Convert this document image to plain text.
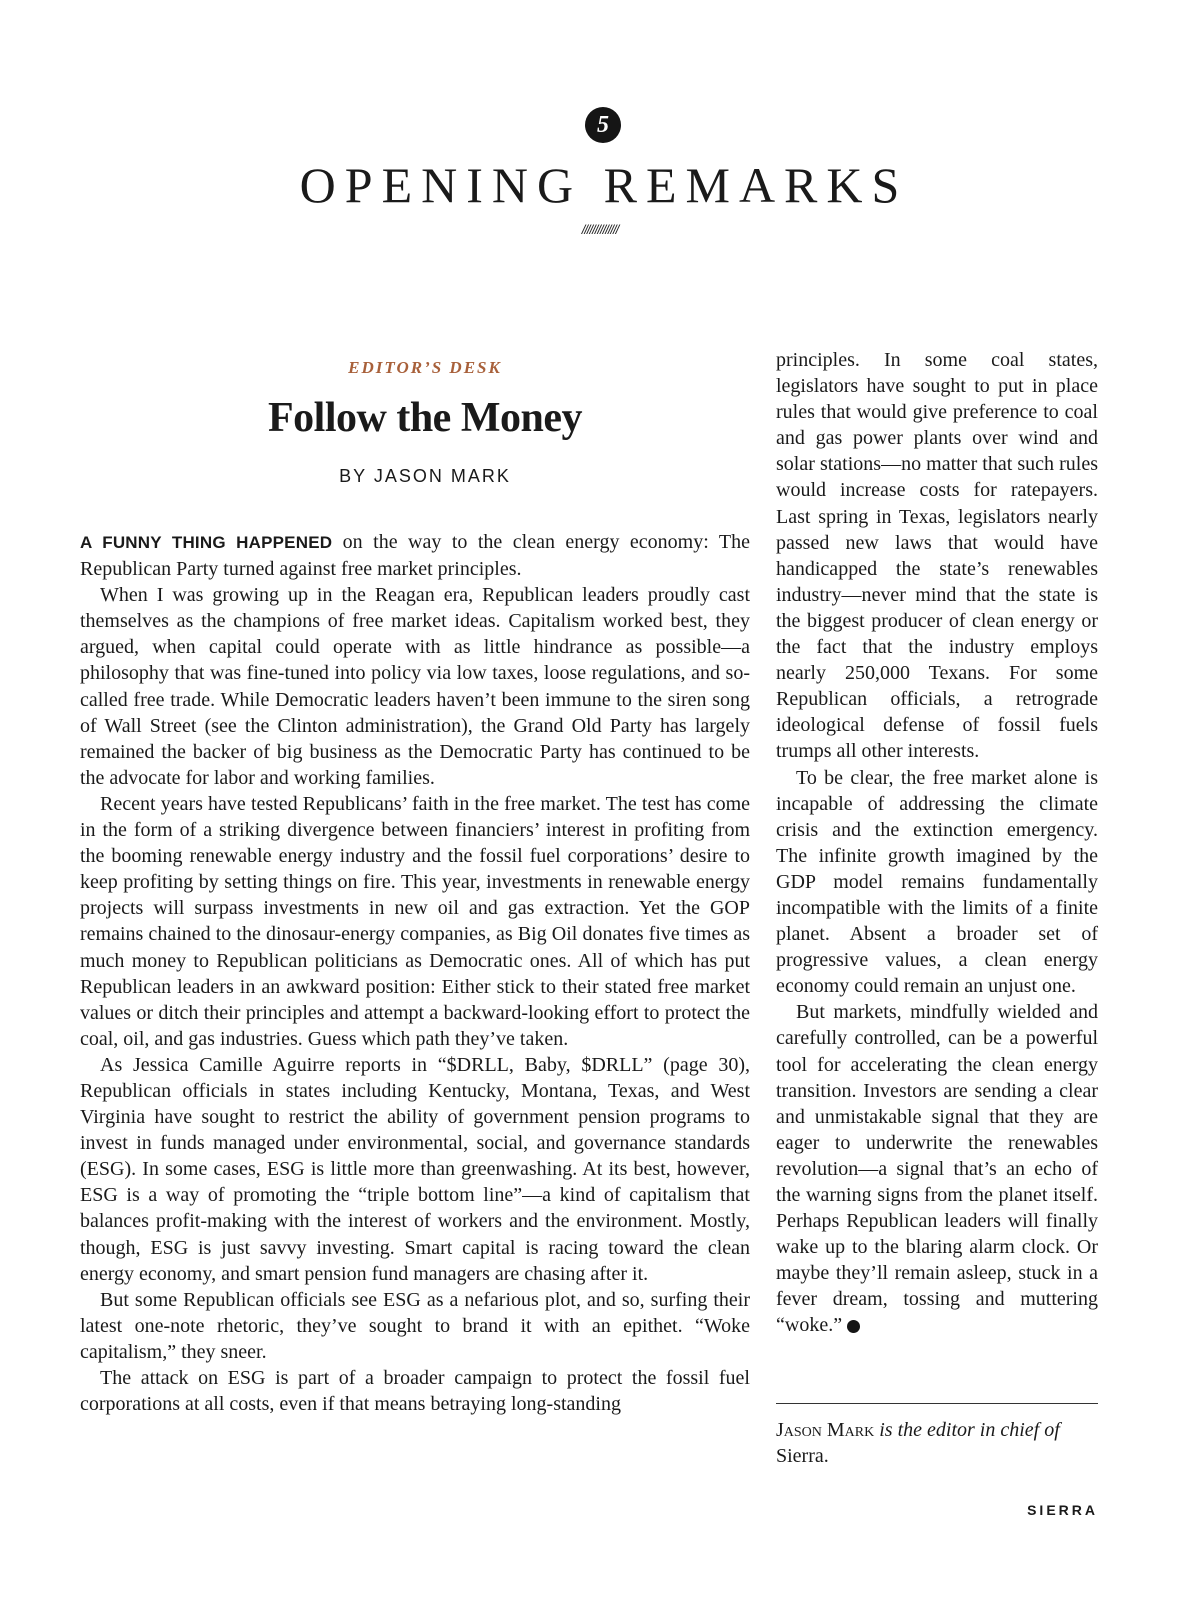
5
OPENING REMARKS
//////////////
EDITOR’S DESK
Follow the Money
BY JASON MARK

A FUNNY THING HAPPENED on the way to the clean energy economy: The Republican Party turned against free market principles.

When I was growing up in the Reagan era, Republican leaders proudly cast themselves as the champions of free market ideas. Capitalism worked best, they argued, when capital could operate with as little hindrance as possible—a philosophy that was fine-tuned into policy via low taxes, loose regulations, and so-called free trade. While Democratic leaders haven’t been immune to the siren song of Wall Street (see the Clinton administration), the Grand Old Party has largely remained the backer of big business as the Democratic Party has continued to be the advocate for labor and working families.

Recent years have tested Republicans’ faith in the free market. The test has come in the form of a striking divergence between financiers’ interest in profiting from the booming renewable energy industry and the fossil fuel corporations’ desire to keep profiting by setting things on fire. This year, investments in renewable energy projects will surpass investments in new oil and gas extraction. Yet the GOP remains chained to the dinosaur-energy companies, as Big Oil donates five times as much money to Republican politicians as Democratic ones. All of which has put Republican leaders in an awkward position: Either stick to their stated free market values or ditch their principles and attempt a backward-looking effort to protect the coal, oil, and gas industries. Guess which path they’ve taken.

As Jessica Camille Aguirre reports in “$DRLL, Baby, $DRLL” (page 30), Republican officials in states including Kentucky, Montana, Texas, and West Virginia have sought to restrict the ability of government pension programs to invest in funds managed under environmental, social, and governance standards (ESG). In some cases, ESG is little more than greenwashing. At its best, however, ESG is a way of promoting the “triple bottom line”—a kind of capitalism that balances profit-making with the interest of workers and the environment. Mostly, though, ESG is just savvy investing. Smart capital is racing toward the clean energy economy, and smart pension fund managers are chasing after it.

But some Republican officials see ESG as a nefarious plot, and so, surfing their latest one-note rhetoric, they’ve sought to brand it with an epithet. “Woke capitalism,” they sneer.

The attack on ESG is part of a broader campaign to protect the fossil fuel corporations at all costs, even if that means betraying long-standing

principles. In some coal states, legislators have sought to put in place rules that would give preference to coal and gas power plants over wind and solar stations—no matter that such rules would increase costs for ratepayers. Last spring in Texas, legislators nearly passed new laws that would have handicapped the state’s renewables industry—never mind that the state is the biggest producer of clean energy or the fact that the industry employs nearly 250,000 Texans. For some Republican officials, a retrograde ideological defense of fossil fuels trumps all other interests.

To be clear, the free market alone is incapable of addressing the climate crisis and the extinction emergency. The infinite growth imagined by the GDP model remains fundamentally incompatible with the limits of a finite planet. Absent a broader set of progressive values, a clean energy economy could remain an unjust one.

But markets, mindfully wielded and carefully controlled, can be a powerful tool for accelerating the clean energy transition. Investors are sending a clear and unmistakable signal that they are eager to underwrite the renewables revolution—a signal that’s an echo of the warning signs from the planet itself. Perhaps Republican leaders will finally wake up to the blaring alarm clock. Or maybe they’ll remain asleep, stuck in a fever dream, tossing and muttering “woke.”	S

Jason Mark is the editor in chief of Sierra.
SIERRA
